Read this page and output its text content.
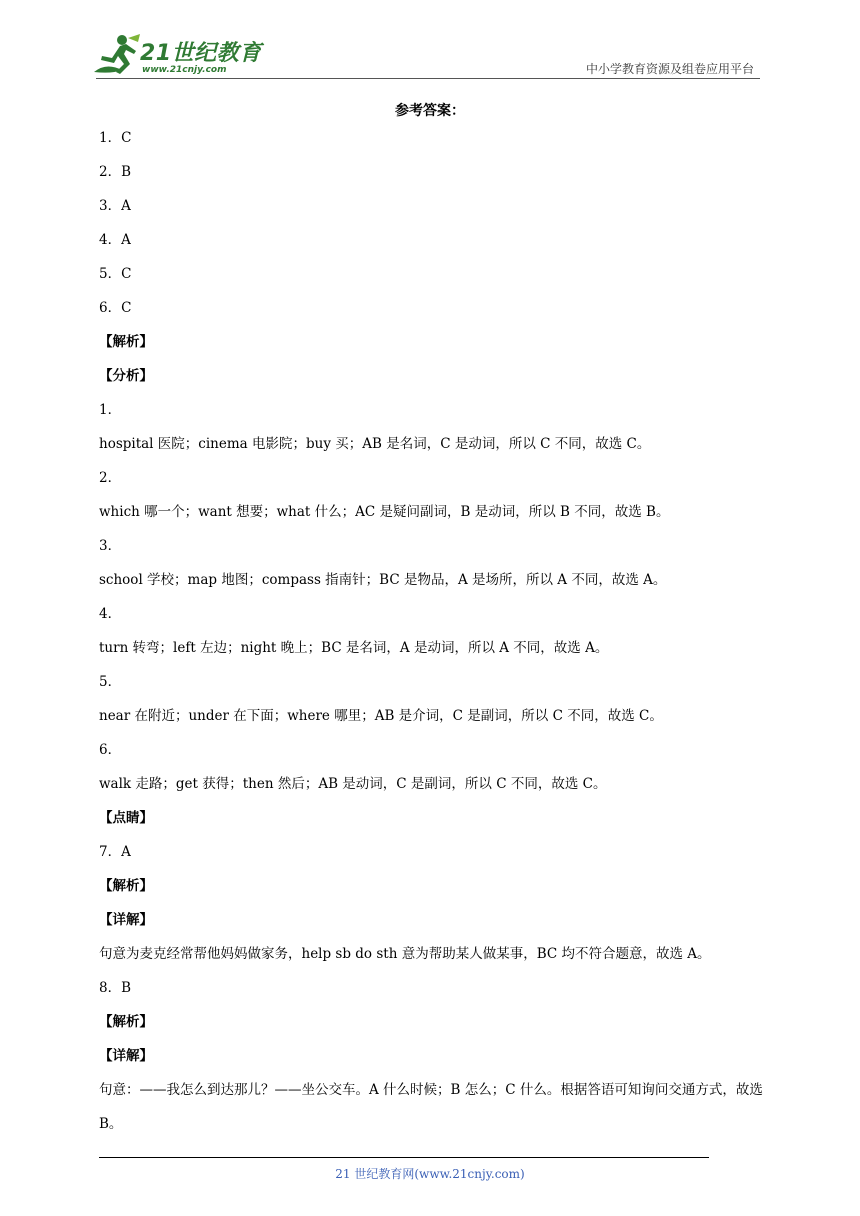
21世纪教育
www.21cnjy.com	中小学教育资源及组卷应用平台
参考答案：
1．C
2．B
3．A
4．A
5．C
6．C
【解析】
【分析】
1．
hospital 医院；cinema 电影院；buy 买；AB 是名词，C 是动词，所以 C 不同，故选 C。
2．
which 哪一个；want 想要；what 什么；AC 是疑问副词，B 是动词，所以 B 不同，故选 B。
3．
school 学校；map 地图；compass 指南针；BC 是物品，A 是场所，所以 A 不同，故选 A。
4．
turn 转弯；left 左边；night 晚上；BC 是名词，A 是动词，所以 A 不同，故选 A。
5．
near 在附近；under 在下面；where 哪里；AB 是介词，C 是副词，所以 C 不同，故选 C。
6．
walk 走路；get 获得；then 然后；AB 是动词，C 是副词，所以 C 不同，故选 C。
【点睛】
7．A
【解析】
【详解】
句意为麦克经常帮他妈妈做家务，help sb do sth 意为帮助某人做某事，BC 均不符合题意，故选 A。
8．B
【解析】
【详解】
句意：——我怎么到达那儿？——坐公交车。A 什么时候；B 怎么；C 什么。根据答语可知询问交通方式，故选 B。
21 世纪教育网(www.21cnjy.com)
